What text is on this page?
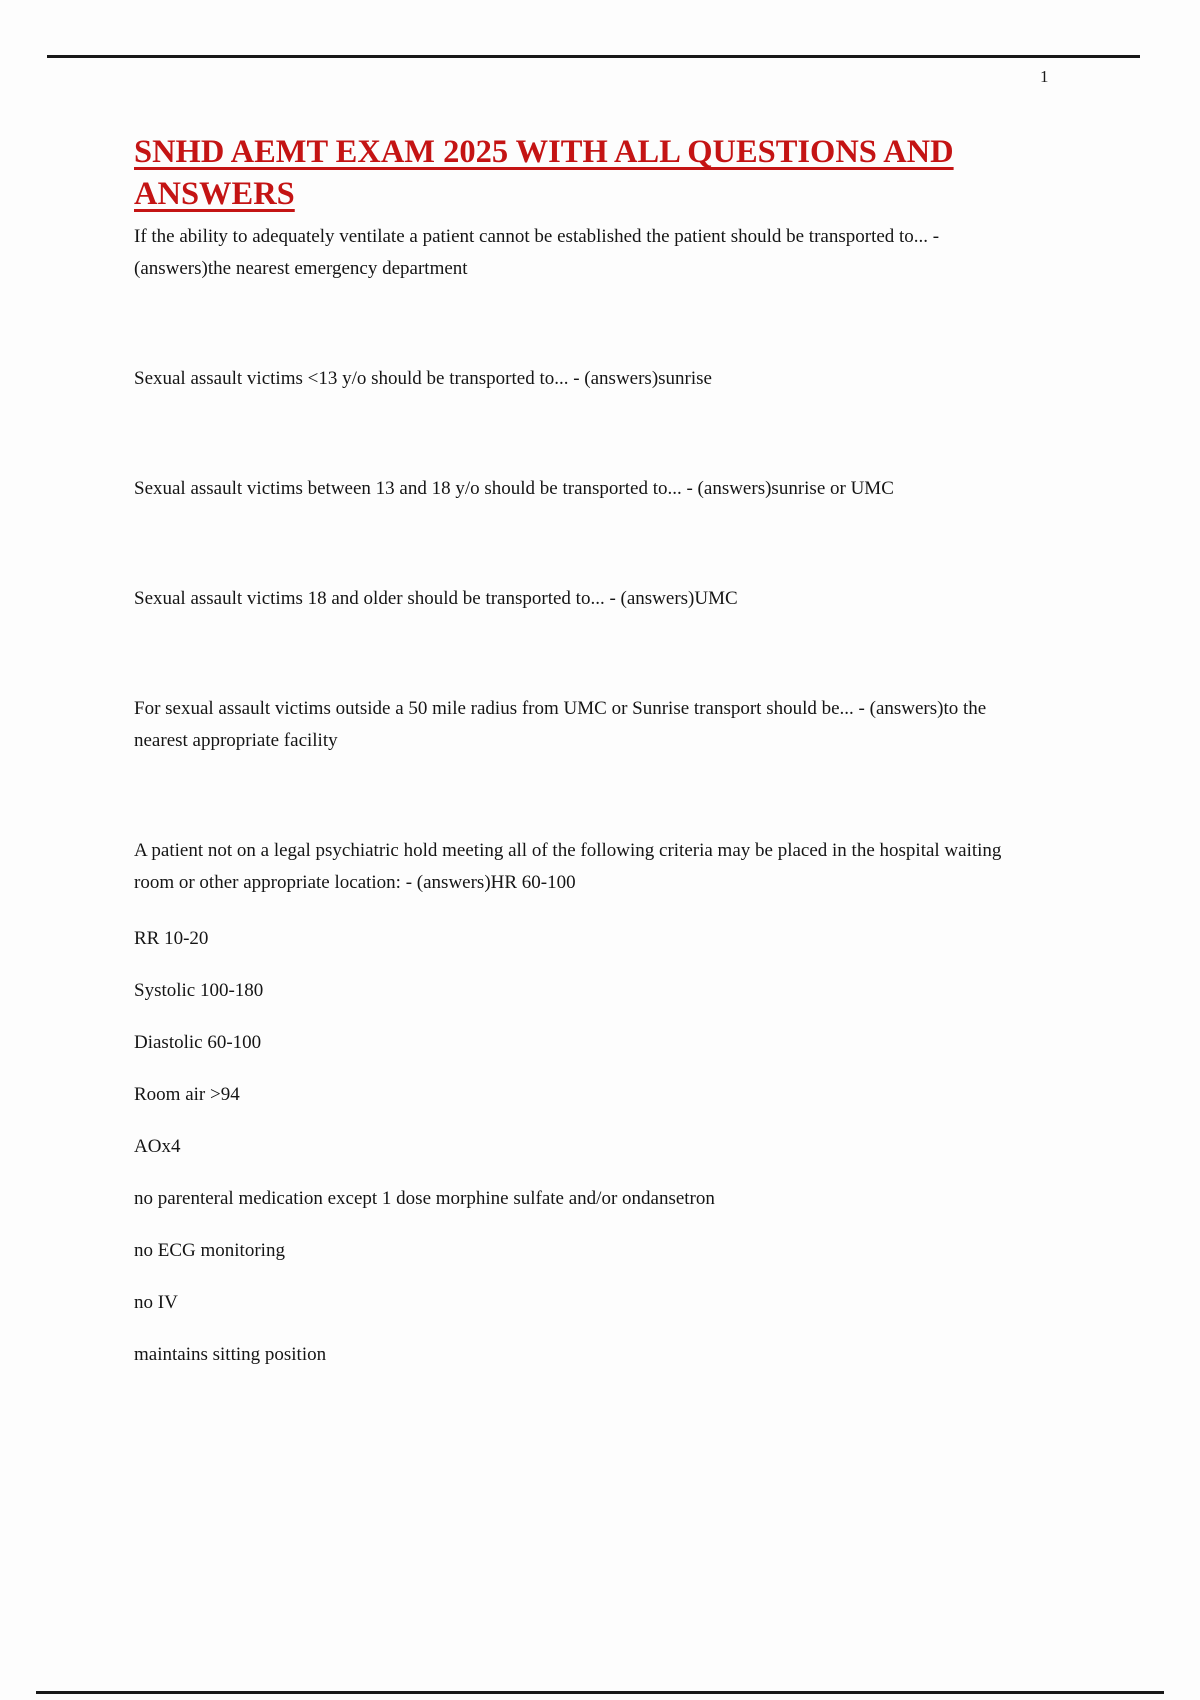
1
SNHD AEMT EXAM 2025 WITH ALL QUESTIONS AND ANSWERS

If the ability to adequately ventilate a patient cannot be established the patient should be transported to... - (answers)the nearest emergency department

Sexual assault victims <13 y/o should be transported to... - (answers)sunrise

Sexual assault victims between 13 and 18 y/o should be transported to... - (answers)sunrise or UMC

Sexual assault victims 18 and older should be transported to... - (answers)UMC

For sexual assault victims outside a 50 mile radius from UMC or Sunrise transport should be... - (answers)to the nearest appropriate facility

A patient not on a legal psychiatric hold meeting all of the following criteria may be placed in the hospital waiting room or other appropriate location: - (answers)HR 60-100

RR 10-20

Systolic 100-180

Diastolic 60-100

Room air >94

AOx4

no parenteral medication except 1 dose morphine sulfate and/or ondansetron

no ECG monitoring

no IV

maintains sitting position
